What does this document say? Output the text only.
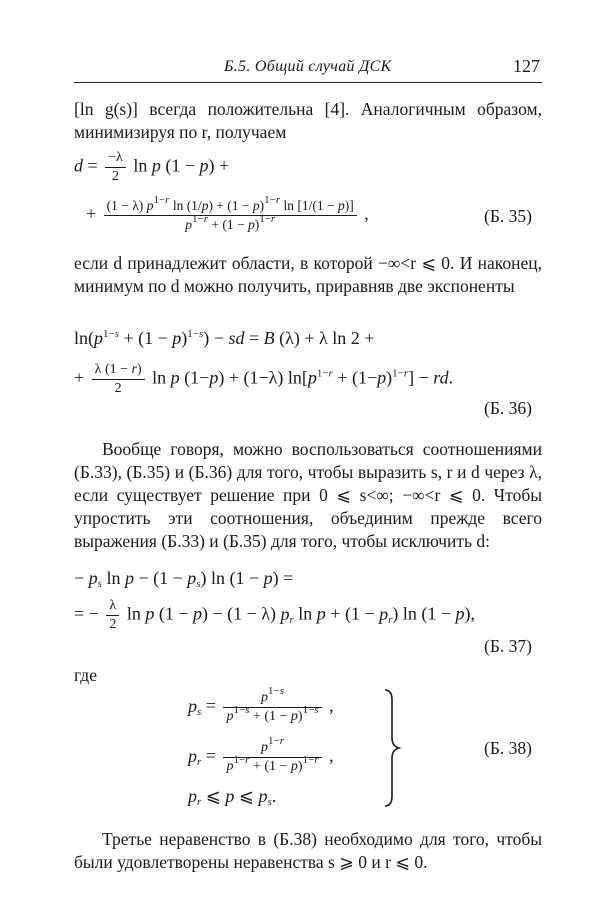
Б.5. Общий случай ДСК	127
[ln g(s)] всегда положительна [4]. Аналогичным образом, минимизируя по r, получаем
$d = \frac{-\lambda}{2}$ ln p (1 − p) +
+ $\frac{(1 - \lambda) p^{1-r} \ln (1/p) + (1 - p)^{1-r} \ln [1/(1 - p)]}{p^{1-r} + (1 - p)^{1-r}}$ ,	(Б. 35)
если d принадлежит области, в которой −∞<r ⩽ 0. И наконец, минимум по d можно получить, приравняв две экспоненты
$\ln(p^{1-s} + (1 - p)^{1-s})$ − sd = B (λ) + λ ln 2 +
+ $\frac{\lambda (1 - r)}{2}$ ln p (1−p) + (1−λ) $\ln[p^{1-r} + (1-p)^{1-r}]$ − rd.
(Б. 36)
Вообще говоря, можно воспользоваться соотношениями (Б.33), (Б.35) и (Б.36) для того, чтобы выразить s, r и d через λ, если существует решение при 0 ⩽ s<∞; −∞<r ⩽ 0. Чтобы упростить эти соотношения, объединим прежде всего выражения (Б.33) и (Б.35) для того, чтобы исключить d:
− $p_s$ $\ln p - (1 - p_s)$ ln (1 − p) =
= − $\frac{\lambda}{2}$ ln p (1 − p) − (1 − λ) $p_r$ $\ln p + (1 - p_r)$ ln (1 − p),
(Б. 37)
где
$p_s = \frac{p^{1-s}}{p^{1-s} + (1 - p)^{1-s}}$ ,
$p_r = \frac{p^{1-r}}{p^{1-r} + (1 - p)^{1-r}}$ ,
$p_r$ ⩽ p ⩽ $p_s$.
(Б. 38)
Третье неравенство в (Б.38) необходимо для того, чтобы были удовлетворены неравенства s ⩾ 0 и r ⩽ 0.
